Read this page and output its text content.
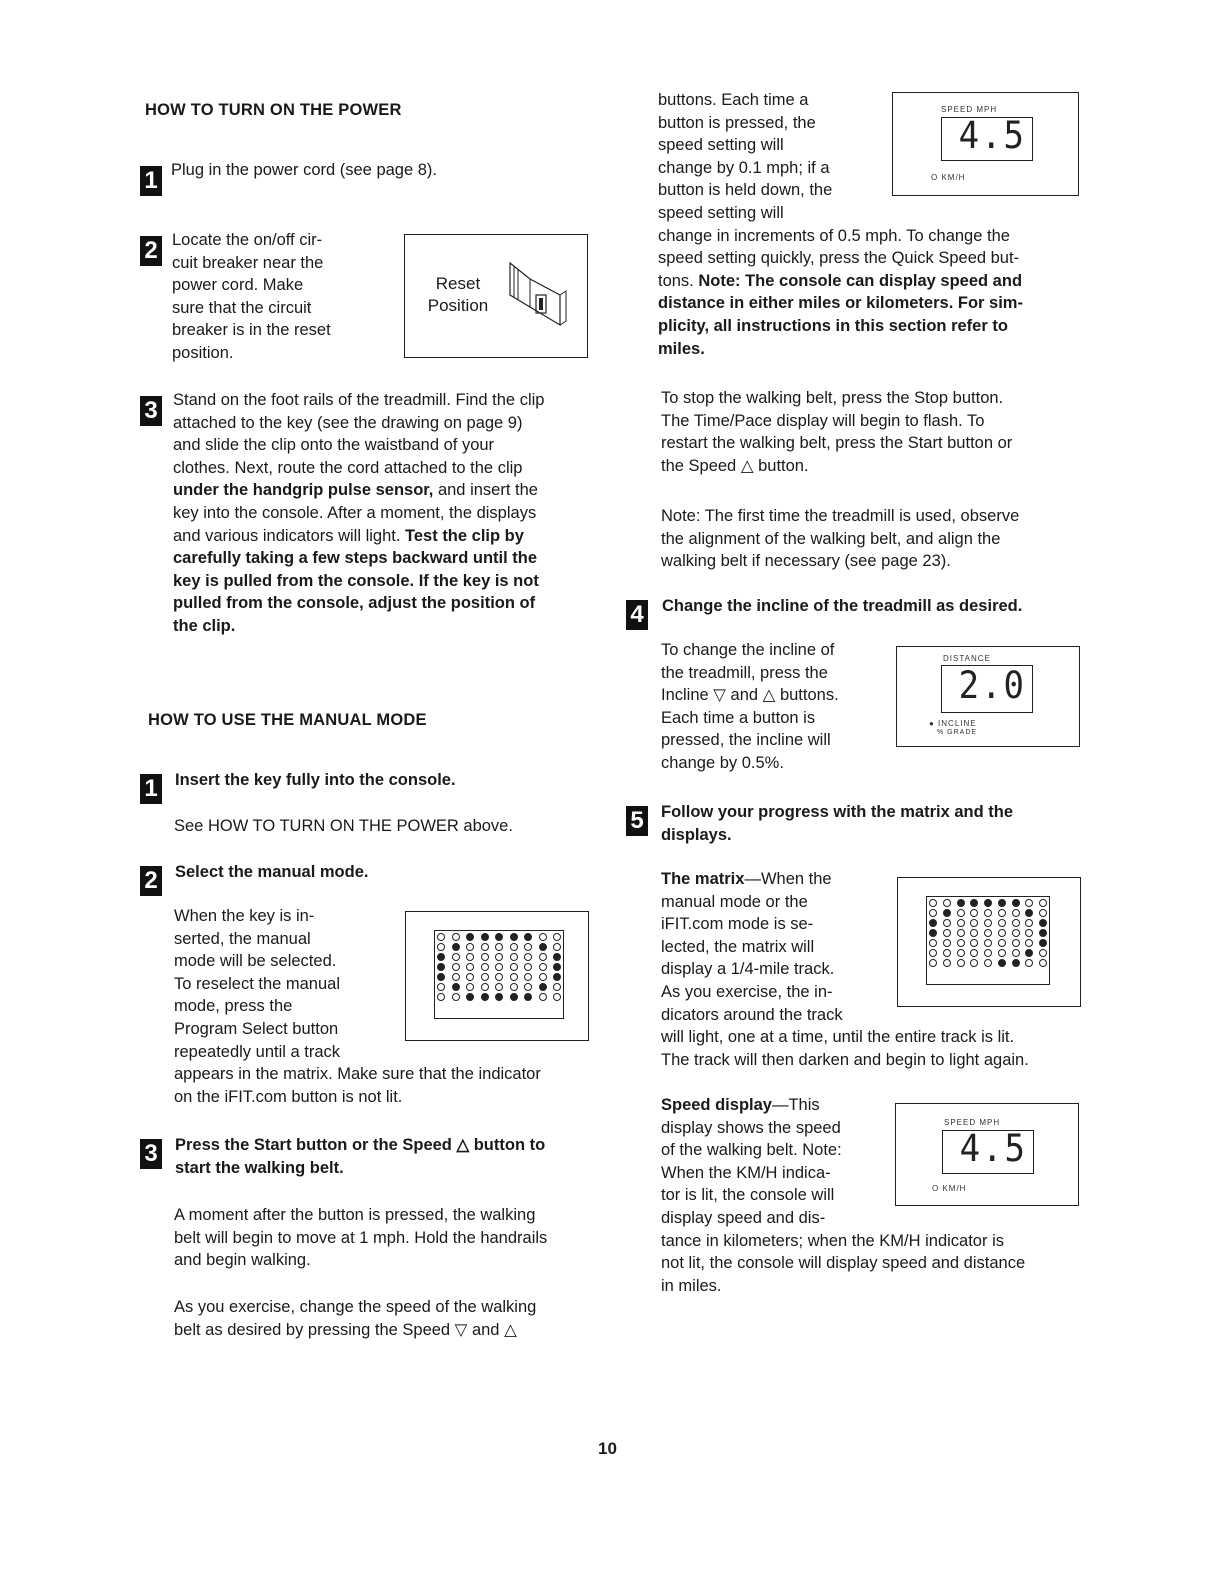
HOW TO TURN ON THE POWER
1 Plug in the power cord (see page 8).
2 Locate the on/off cir-
cuit breaker near the
power cord. Make
sure that the circuit
breaker is in the reset
position.
Reset
Position
3 Stand on the foot rails of the treadmill. Find the clip
attached to the key (see the drawing on page 9)
and slide the clip onto the waistband of your
clothes. Next, route the cord attached to the clip
under the handgrip pulse sensor, and insert the
key into the console. After a moment, the displays
and various indicators will light. Test the clip by
carefully taking a few steps backward until the
key is pulled from the console. If the key is not
pulled from the console, adjust the position of
the clip.
HOW TO USE THE MANUAL MODE
1 Insert the key fully into the console.
See HOW TO TURN ON THE POWER above.
2 Select the manual mode.
When the key is in-
serted, the manual
mode will be selected.
To reselect the manual
mode, press the
Program Select button
repeatedly until a track
appears in the matrix. Make sure that the indicator
on the iFIT.com button is not lit.
3 Press the Start button or the Speed △ button to
start the walking belt.
A moment after the button is pressed, the walking
belt will begin to move at 1 mph. Hold the handrails
and begin walking.
As you exercise, change the speed of the walking
belt as desired by pressing the Speed ▽ and △
buttons. Each time a
button is pressed, the
speed setting will
change by 0.1 mph; if a
button is held down, the
speed setting will
change in increments of 0.5 mph. To change the
speed setting quickly, press the Quick Speed but-
tons. Note: The console can display speed and
distance in either miles or kilometers. For sim-
plicity, all instructions in this section refer to
miles.
SPEED MPH
4.5
O KM/H
To stop the walking belt, press the Stop button.
The Time/Pace display will begin to flash. To
restart the walking belt, press the Start button or
the Speed △ button.
Note: The first time the treadmill is used, observe
the alignment of the walking belt, and align the
walking belt if necessary (see page 23).
4 Change the incline of the treadmill as desired.
To change the incline of
the treadmill, press the
Incline ▽ and △ buttons.
Each time a button is
pressed, the incline will
change by 0.5%.
DISTANCE
2.0
● INCLINE
% GRADE
5 Follow your progress with the matrix and the
displays.
The matrix—When the
manual mode or the
iFIT.com mode is se-
lected, the matrix will
display a 1/4-mile track.
As you exercise, the in-
dicators around the track
will light, one at a time, until the entire track is lit.
The track will then darken and begin to light again.
Speed display—This
display shows the speed
of the walking belt. Note:
When the KM/H indica-
tor is lit, the console will
display speed and dis-
tance in kilometers; when the KM/H indicator is
not lit, the console will display speed and distance
in miles.
SPEED MPH
4.5
O KM/H
10
